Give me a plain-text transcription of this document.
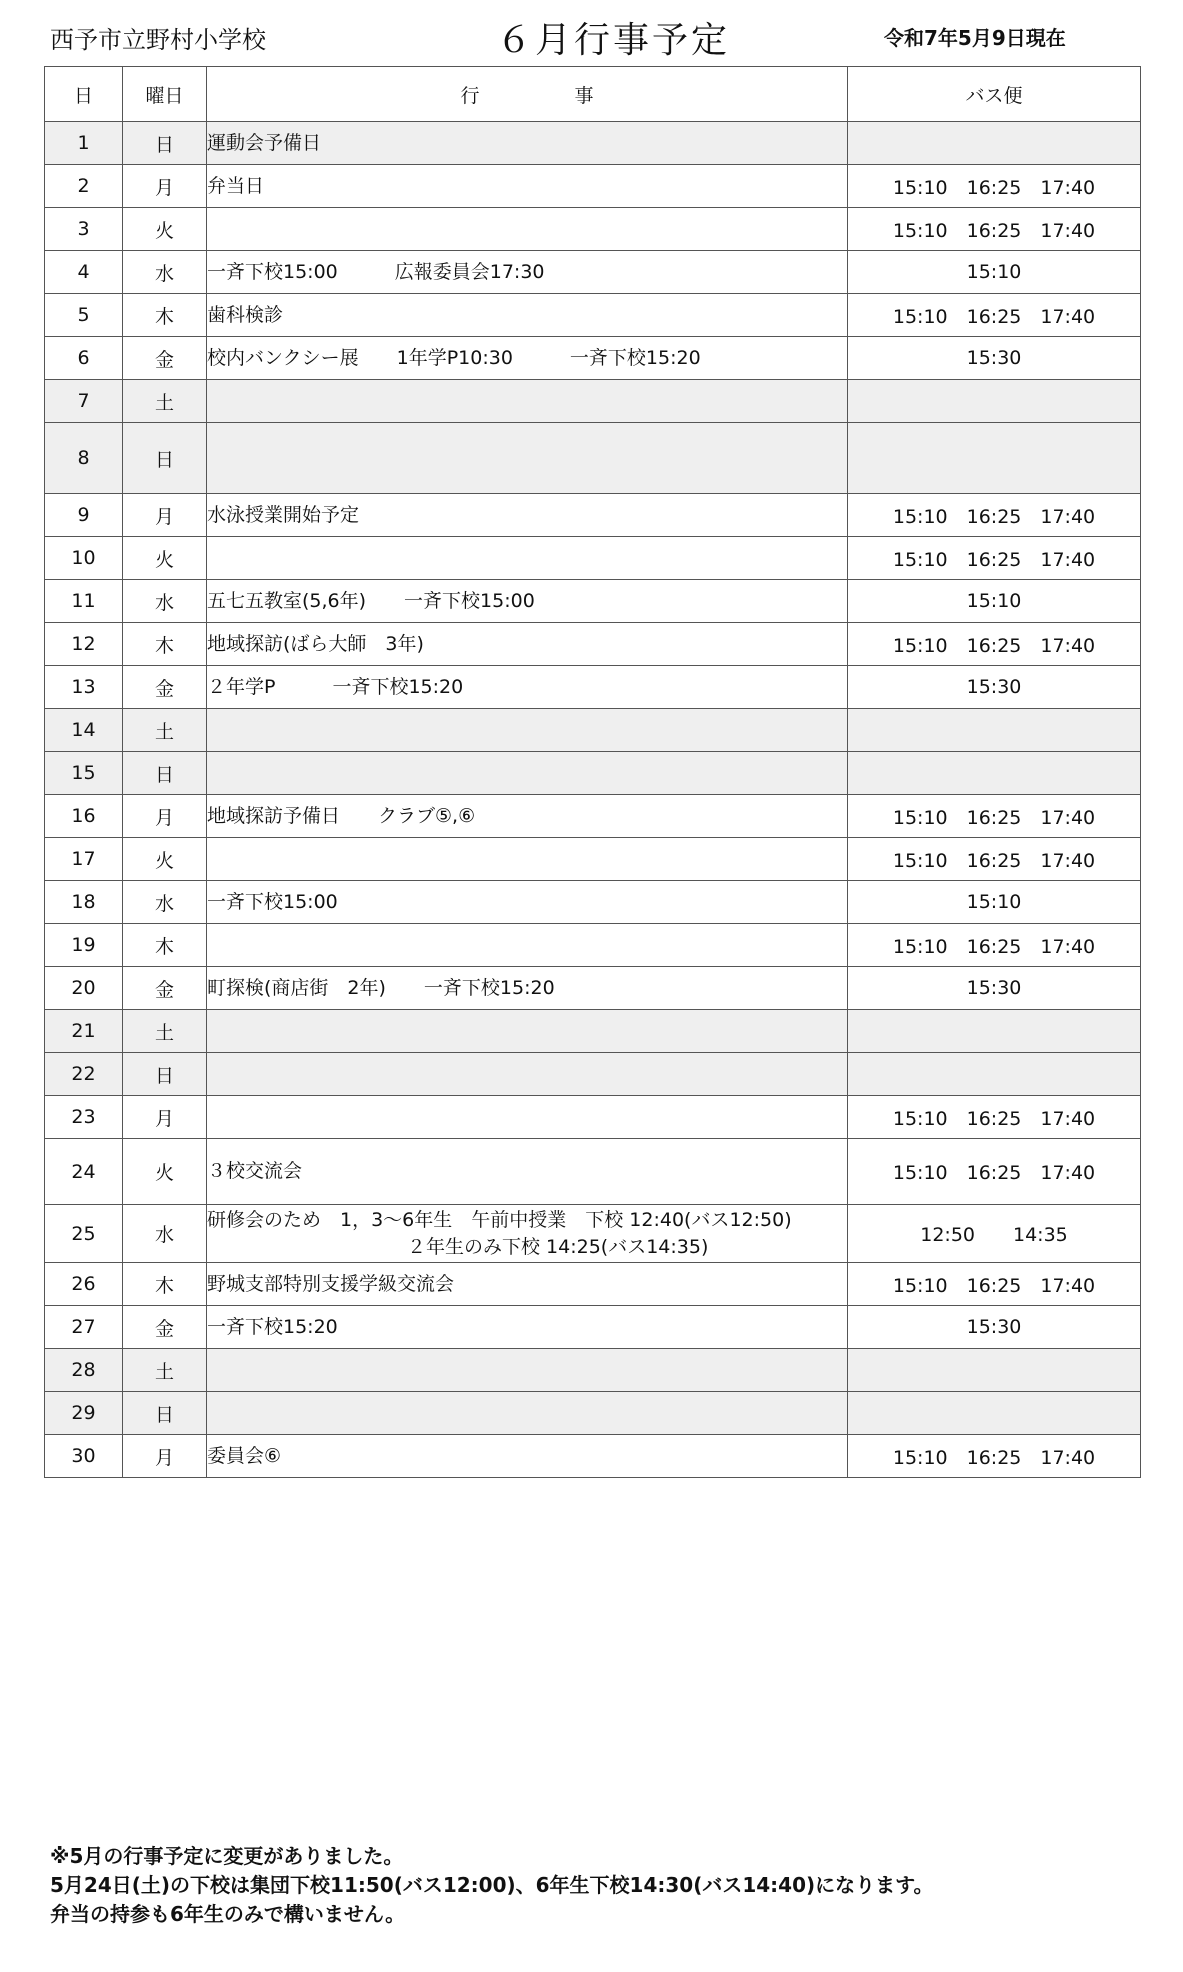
西予市立野村小学校	６月行事予定	令和7年5月9日現在
日	曜日	行　　　　　事	バス便
1	日	運動会予備日	
2	月	弁当日	15:10　16:25　17:40
3	火		15:10　16:25　17:40
4	水	一斉下校15:00　　　広報委員会17:30	15:10
5	木	歯科検診	15:10　16:25　17:40
6	金	校内バンクシー展　　1年学P10:30　　　一斉下校15:20	15:30
7	土		
8	日		
9	月	水泳授業開始予定	15:10　16:25　17:40
10	火		15:10　16:25　17:40
11	水	五七五教室(5,6年)　　一斉下校15:00	15:10
12	木	地域探訪(ばら大師　3年)	15:10　16:25　17:40
13	金	２年学P　　　一斉下校15:20	15:30
14	土		
15	日		
16	月	地域探訪予備日　　クラブ⑤,⑥	15:10　16:25　17:40
17	火		15:10　16:25　17:40
18	水	一斉下校15:00	15:10
19	木		15:10　16:25　17:40
20	金	町探検(商店街　2年)　　一斉下校15:20	15:30
21	土		
22	日		
23	月		15:10　16:25　17:40
24	火	３校交流会	15:10　16:25　17:40
25	水	研修会のため　1，3～6年生　午前中授業　下校 12:40(バス12:50)
２年生のみ下校 14:25(バス14:35)	12:50　　14:35
26	木	野城支部特別支援学級交流会	15:10　16:25　17:40
27	金	一斉下校15:20	15:30
28	土		
29	日		
30	月	委員会⑥	15:10　16:25　17:40
※5月の行事予定に変更がありました。
5月24日(土)の下校は集団下校11:50(バス12:00)、6年生下校14:30(バス14:40)になります。
弁当の持参も6年生のみで構いません。
